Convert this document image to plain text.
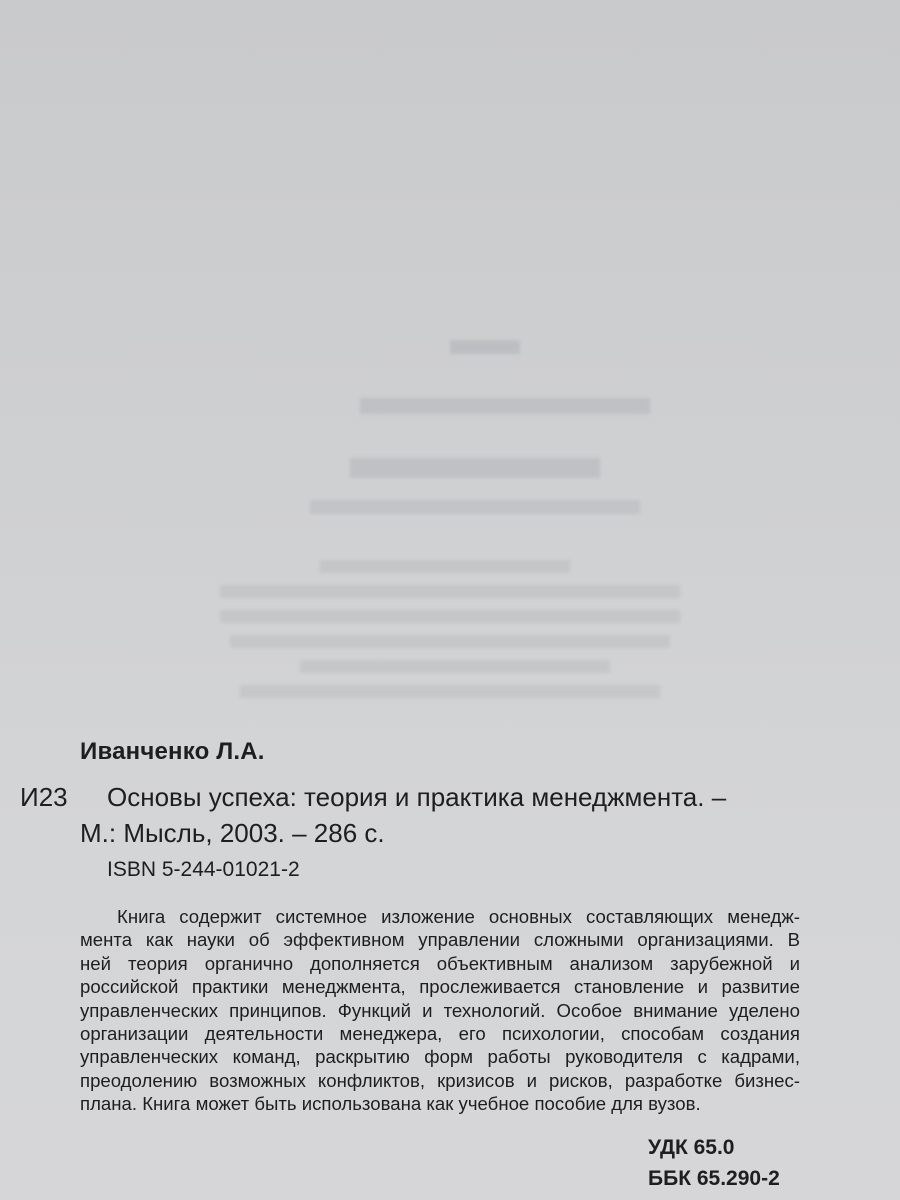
Иванченко Л.А.
И23 Основы успеха: теория и практика менеджмента. –
М.: Мысль, 2003. – 286 с.
ISBN 5-244-01021-2
Книга содержит системное изложение основных составляющих менедж-
мента как науки об эффективном управлении сложными организациями. В
ней теория органично дополняется объективным анализом зарубежной и
российской практики менеджмента, прослеживается становление и развитие
управленческих принципов. Функций и технологий. Особое внимание уделено
организации деятельности менеджера, его психологии, способам создания
управленческих команд, раскрытию форм работы руководителя с кадрами,
преодолению возможных конфликтов, кризисов и рисков, разработке бизнес-
плана. Книга может быть использована как учебное пособие для вузов.
УДК 65.0
ББК 65.290-2
